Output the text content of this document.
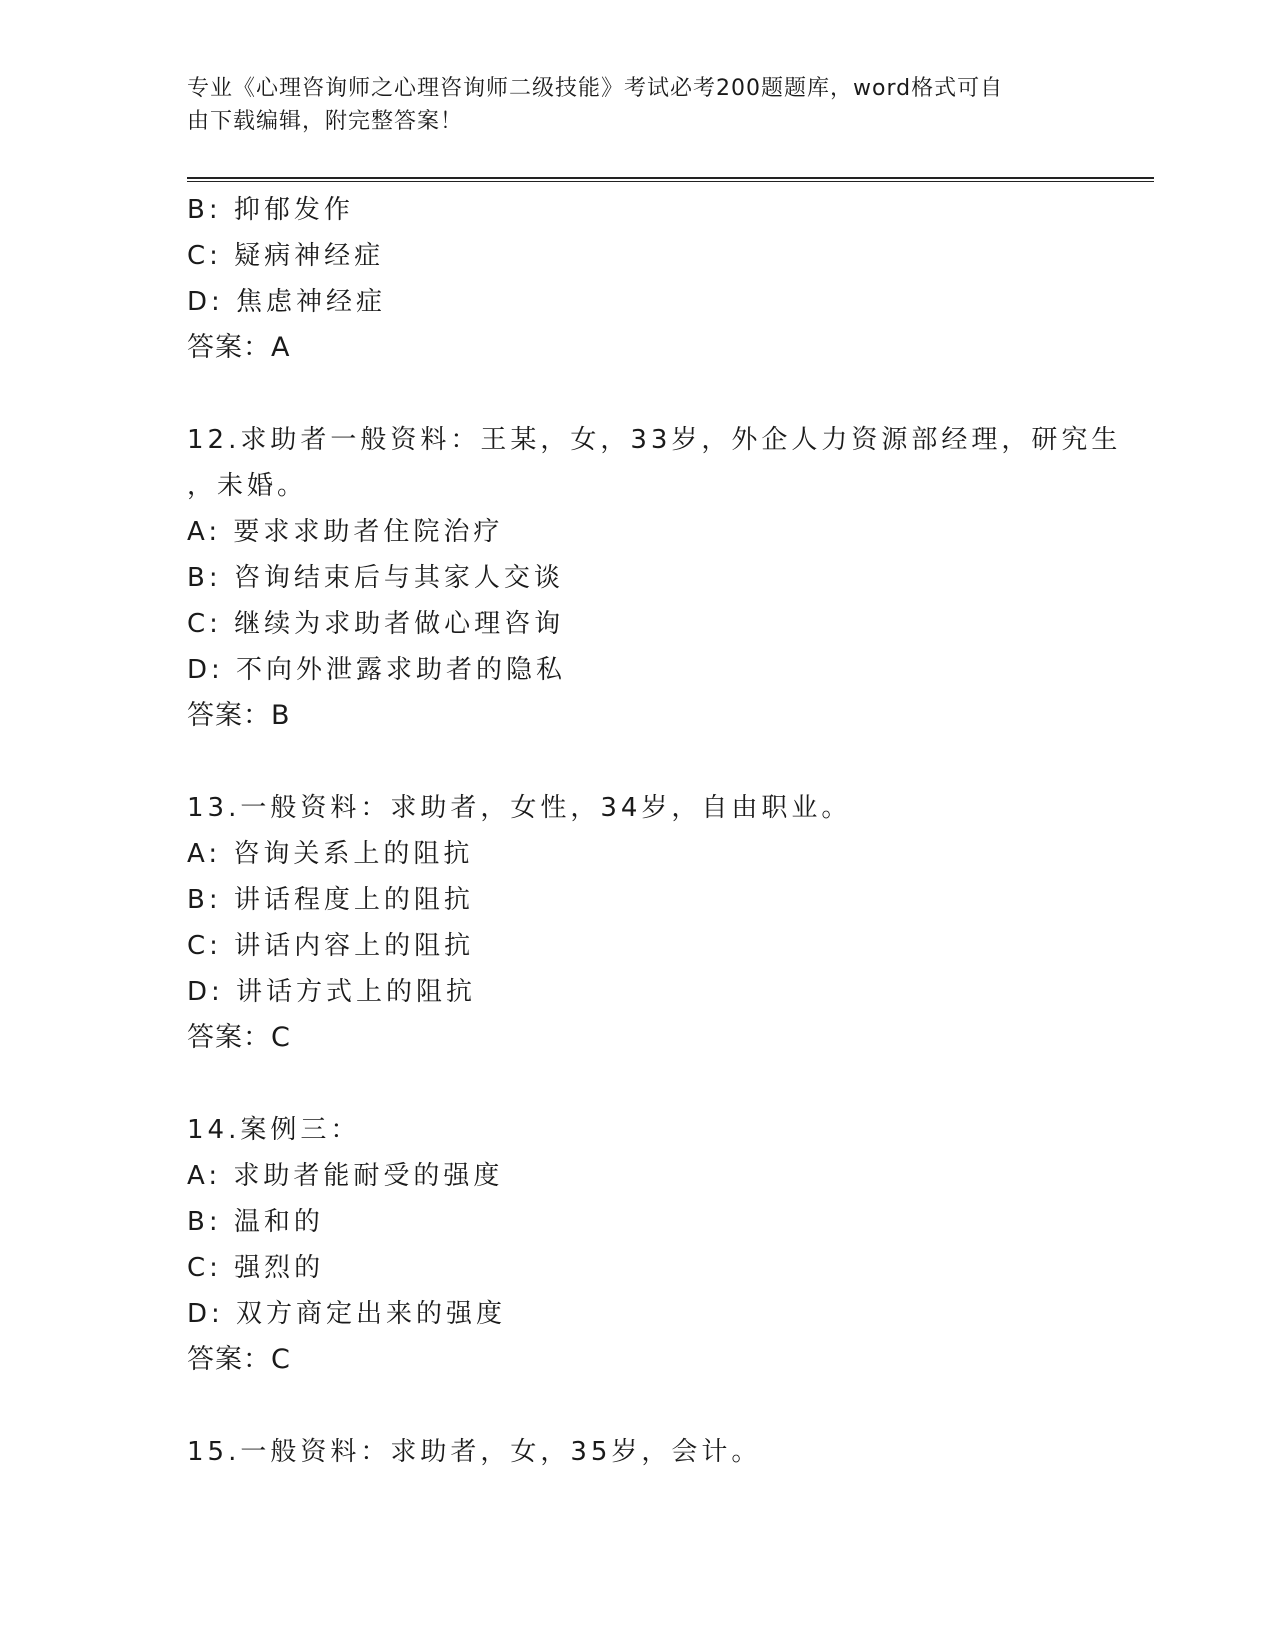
专业《心理咨询师之心理咨询师二级技能》考试必考200题题库，word格式可自
由下载编辑，附完整答案！
B: 抑郁发作
C: 疑病神经症
D: 焦虑神经症
答案：A
12.求助者一般资料：王某，女，33岁，外企人力资源部经理，研究生
，未婚。
A: 要求求助者住院治疗
B: 咨询结束后与其家人交谈
C: 继续为求助者做心理咨询
D: 不向外泄露求助者的隐私
答案：B
13.一般资料：求助者，女性，34岁，自由职业。
A: 咨询关系上的阻抗
B: 讲话程度上的阻抗
C: 讲话内容上的阻抗
D: 讲话方式上的阻抗
答案：C
14.案例三：
A: 求助者能耐受的强度
B: 温和的
C: 强烈的
D: 双方商定出来的强度
答案：C
15.一般资料：求助者，女，35岁，会计。
